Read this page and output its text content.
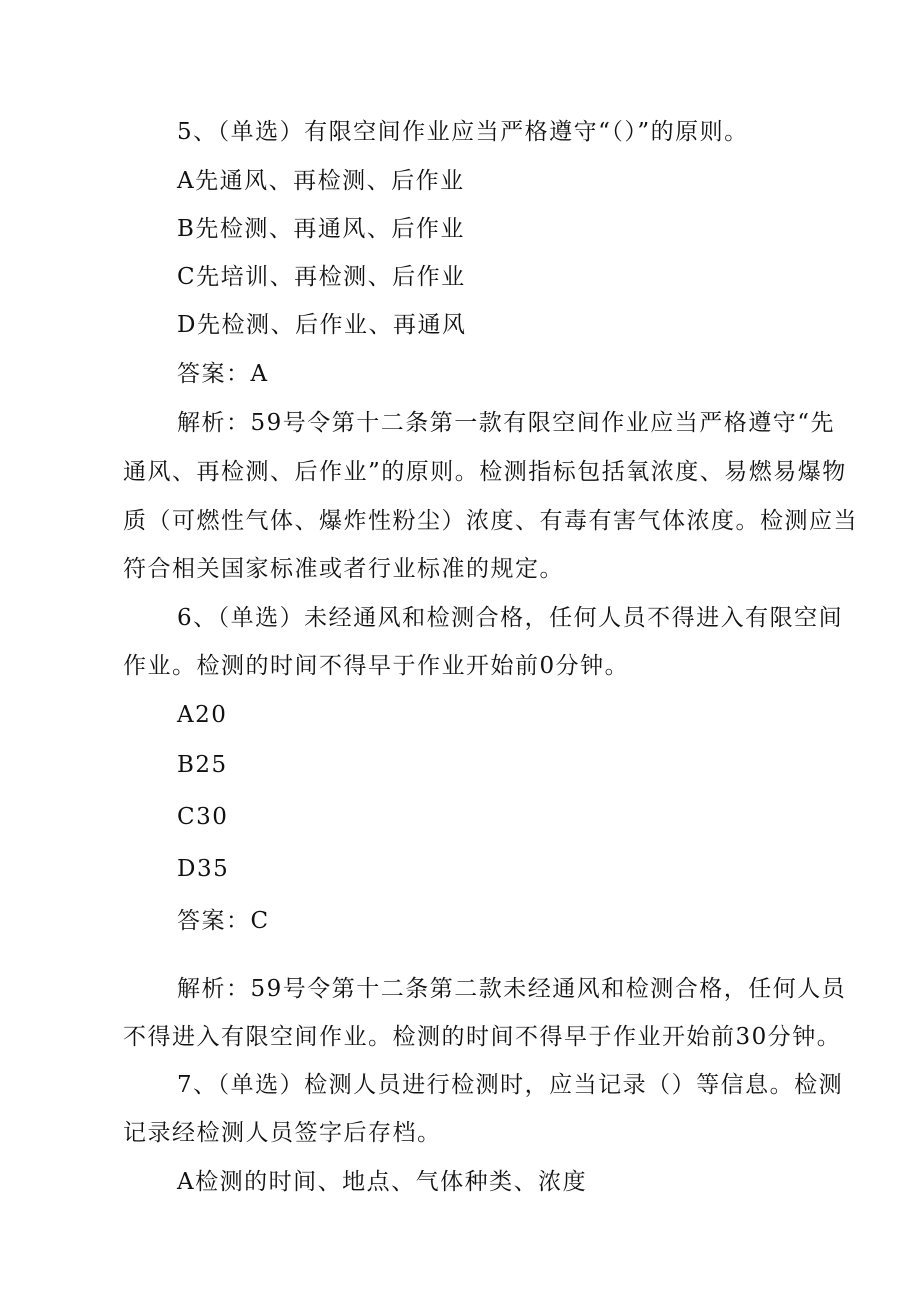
5、（单选）有限空间作业应当严格遵守“（）”的原则。
A先通风、再检测、后作业
B先检测、再通风、后作业
C先培训、再检测、后作业
D先检测、后作业、再通风
答案：A
解析：59号令第十二条第一款有限空间作业应当严格遵守“先
通风、再检测、后作业”的原则。检测指标包括氧浓度、易燃易爆物
质（可燃性气体、爆炸性粉尘）浓度、有毒有害气体浓度。检测应当
符合相关国家标准或者行业标准的规定。
6、（单选）未经通风和检测合格，任何人员不得进入有限空间
作业。检测的时间不得早于作业开始前0分钟。
A20
B25
C30
D35
答案：C
解析：59号令第十二条第二款未经通风和检测合格，任何人员
不得进入有限空间作业。检测的时间不得早于作业开始前30分钟。
7、（单选）检测人员进行检测时，应当记录（）等信息。检测
记录经检测人员签字后存档。
A检测的时间、地点、气体种类、浓度
